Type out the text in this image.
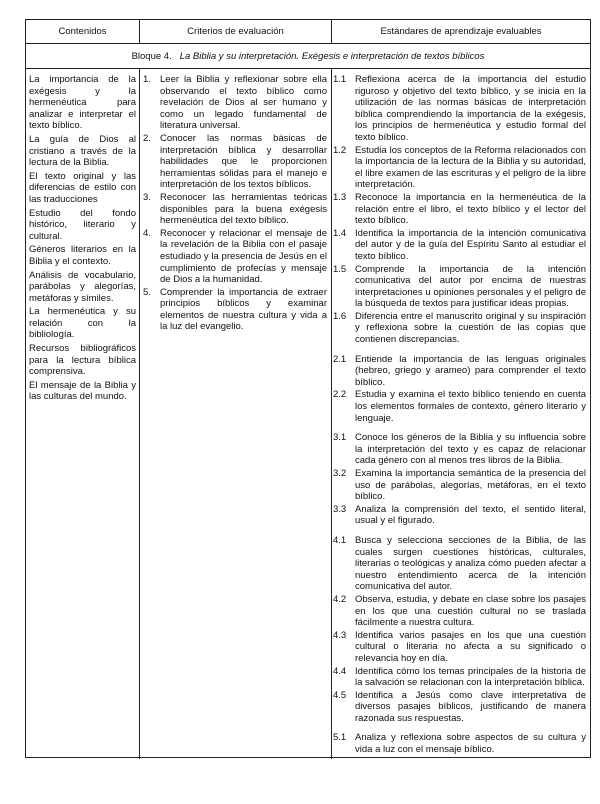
Contenidos	Criterios de evaluación	Estándares de aprendizaje evaluables
Bloque 4. La Biblia y su interpretación. Exégesis e interpretación de textos bíblicos

La importancia de la exégesis y la hermenéutica para analizar e interpretar el texto bíblico.

La guía de Dios al cristiano a través de la lectura de la Biblia.

El texto original y las diferencias de estilo con las traducciones

Estudio del fondo histórico, literario y cultural.

Géneros literarios en la Biblia y el contexto.

Análisis de vocabulario, parábolas y alegorías, metáforas y símiles.

La hermenéutica y su relación con la bibliología.

Recursos bibliográficos para la lectura bíblica comprensiva.

El mensaje de la Biblia y las culturas del mundo.

1. Leer la Biblia y reflexionar sobre ella observando el texto bíblico como revelación de Dios al ser humano y como un legado fundamental de literatura universal.
2. Conocer las normas básicas de interpretación bíblica y desarrollar habilidades que le proporcionen herramientas sólidas para el manejo e interpretación de los textos bíblicos.
3. Reconocer las herramientas teóricas disponibles para la buena exégesis hermenéutica del texto bíblico.
4. Reconocer y relacionar el mensaje de la revelación de la Biblia con el pasaje estudiado y la presencia de Jesús en el cumplimiento de profecías y mensaje de Dios a la humanidad.
5. Comprender la importancia de extraer principios bíblicos y examinar elementos de nuestra cultura y vida a la luz del evangelio.
1.1 Reflexiona acerca de la importancia del estudio riguroso y objetivo del texto bíblico, y se inicia en la utilización de las normas básicas de interpretación bíblica comprendiendo la importancia de la exégesis, los principios de hermenéutica y estudio formal del texto bíblico.
1.2 Estudia los conceptos de la Reforma relacionados con la importancia de la lectura de la Biblia y su autoridad, el libre examen de las escrituras y el peligro de la libre interpretación.
1.3 Reconoce la importancia en la hermenéutica de la relación entre el libro, el texto bíblico y el lector del texto bíblico.
1.4 Identifica la importancia de la intención comunicativa del autor y de la guía del Espíritu Santo al estudiar el texto bíblico.
1.5 Comprende la importancia de la intención comunicativa del autor por encima de nuestras interpretaciones u opiniones personales y el peligro de la búsqueda de textos para justificar ideas propias.
1.6 Diferencia entre el manuscrito original y su inspiración y reflexiona sobre la cuestión de las copias que contienen discrepancias.
2.1 Entiende la importancia de las lenguas originales (hebreo, griego y arameo) para comprender el texto bíblico.
2.2 Estudia y examina el texto bíblico teniendo en cuenta los elementos formales de contexto, género literario y lenguaje.
3.1 Conoce los géneros de la Biblia y su influencia sobre la interpretación del texto y es capaz de relacionar cada género con al menos tres libros de la Biblia.
3.2 Examina la importancia semántica de la presencia del uso de parábolas, alegorías, metáforas, en el texto bíblico.
3.3 Analiza la comprensión del texto, el sentido literal, usual y el figurado.
4.1 Busca y selecciona secciones de la Biblia, de las cuales surgen cuestiones históricas, culturales, literarias o teológicas y analiza cómo pueden afectar a nuestro entendimiento acerca de la intención comunicativa del autor.
4.2 Observa, estudia, y debate en clase sobre los pasajes en los que una cuestión cultural no se traslada fácilmente a nuestra cultura.
4.3 Identifica varios pasajes en los que una cuestión cultural o literaria no afecta a su significado o relevancia hoy en día.
4.4 Identifica cómo los temas principales de la historia de la salvación se relacionan con la interpretación bíblica.
4.5 Identifica a Jesús como clave interpretativa de diversos pasajes bíblicos, justificando de manera razonada sus respuestas.
5.1 Analiza y reflexiona sobre aspectos de su cultura y vida a luz con el mensaje bíblico.
